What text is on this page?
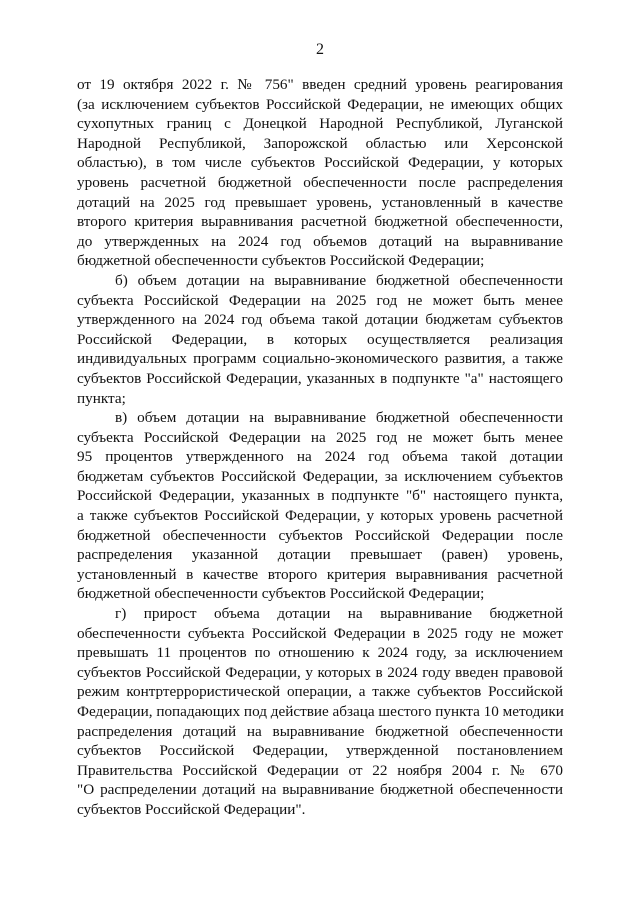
2
от 19 октября 2022 г. № 756" введен средний уровень реагирования
(за исключением субъектов Российской Федерации, не имеющих общих
сухопутных границ с Донецкой Народной Республикой, Луганской
Народной Республикой, Запорожской областью или Херсонской
областью), в том числе субъектов Российской Федерации, у которых
уровень расчетной бюджетной обеспеченности после распределения
дотаций на 2025 год превышает уровень, установленный в качестве
второго критерия выравнивания расчетной бюджетной обеспеченности,
до утвержденных на 2024 год объемов дотаций на выравнивание
бюджетной обеспеченности субъектов Российской Федерации;
б) объем дотации на выравнивание бюджетной обеспеченности
субъекта Российской Федерации на 2025 год не может быть менее
утвержденного на 2024 год объема такой дотации бюджетам субъектов
Российской Федерации, в которых осуществляется реализация
индивидуальных программ социально-экономического развития, а также
субъектов Российской Федерации, указанных в подпункте "а" настоящего
пункта;
в) объем дотации на выравнивание бюджетной обеспеченности
субъекта Российской Федерации на 2025 год не может быть менее
95 процентов утвержденного на 2024 год объема такой дотации
бюджетам субъектов Российской Федерации, за исключением субъектов
Российской Федерации, указанных в подпункте "б" настоящего пункта,
а также субъектов Российской Федерации, у которых уровень расчетной
бюджетной обеспеченности субъектов Российской Федерации после
распределения указанной дотации превышает (равен) уровень,
установленный в качестве второго критерия выравнивания расчетной
бюджетной обеспеченности субъектов Российской Федерации;
г) прирост объема дотации на выравнивание бюджетной
обеспеченности субъекта Российской Федерации в 2025 году не может
превышать 11 процентов по отношению к 2024 году, за исключением
субъектов Российской Федерации, у которых в 2024 году введен правовой
режим контртеррористической операции, а также субъектов Российской
Федерации, попадающих под действие абзаца шестого пункта 10 методики
распределения дотаций на выравнивание бюджетной обеспеченности
субъектов Российской Федерации, утвержденной постановлением
Правительства Российской Федерации от 22 ноября 2004 г. № 670
"О распределении дотаций на выравнивание бюджетной обеспеченности
субъектов Российской Федерации".
